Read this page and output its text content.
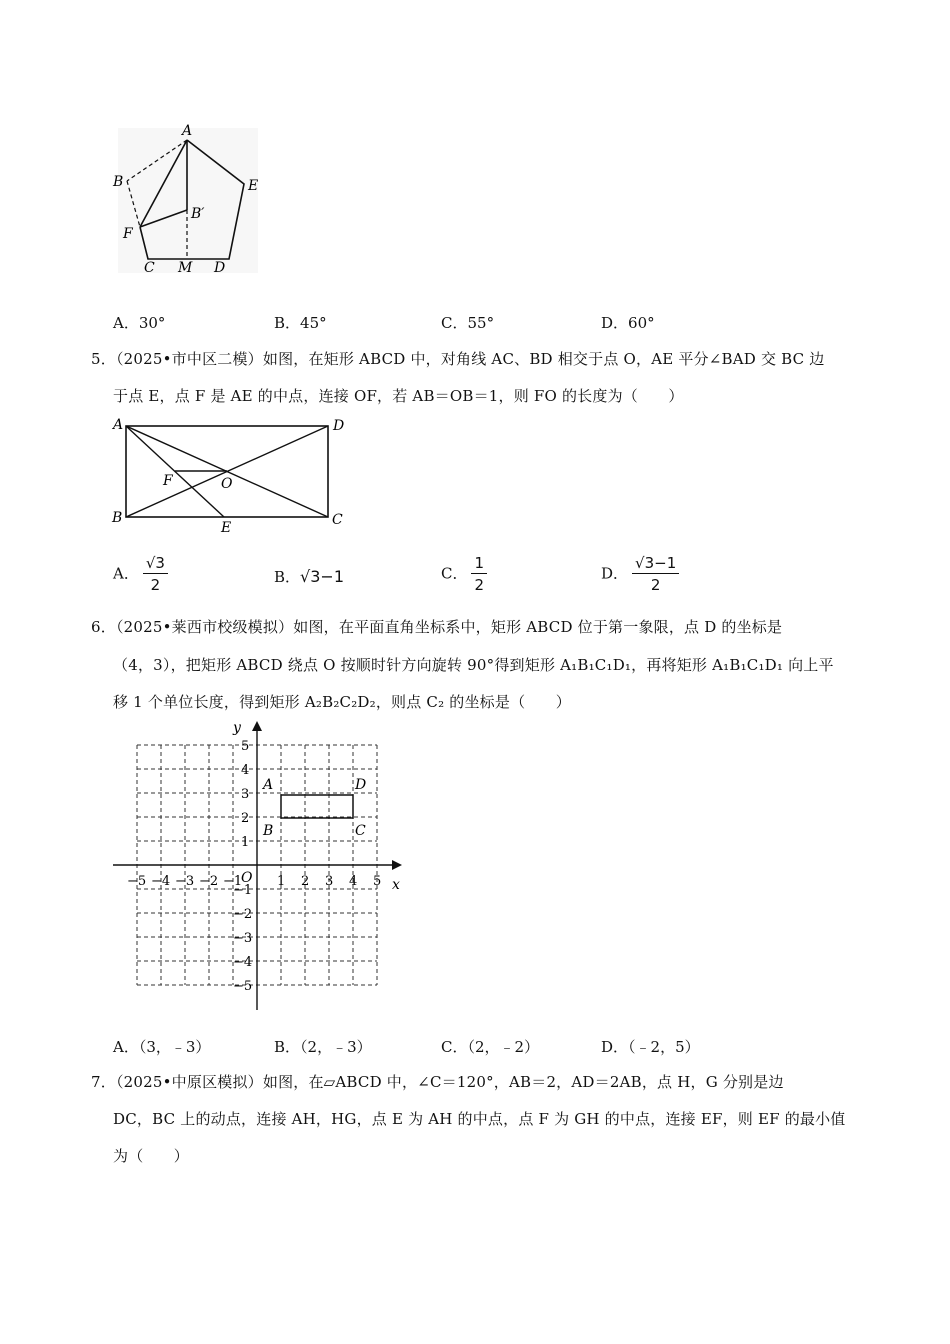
A
B
B′
E
F
C M D
A．30°	B．45°	C．55°	D．60°
5．（2025•市中区二模）如图，在矩形 ABCD 中，对角线 AC、BD 相交于点 O，AE 平分∠BAD 交 BC 边
于点 E，点 F 是 AE 的中点，连接 OF，若 AB＝OB＝1，则 FO 的长度为（　　）
A	D
F	O
B
E	C
A． $\frac{√3}{2}$	B．√3−1	C． $\frac{1}{2}$	D． $\frac{√3-1}{2}$
6．（2025•莱西市校级模拟）如图，在平面直角坐标系中，矩形 ABCD 位于第一象限，点 D 的坐标是
（4，3），把矩形 ABCD 绕点 O 按顺时针方向旋转 90°得到矩形 A₁B₁C₁D₁，再将矩形 A₁B₁C₁D₁ 向上平
移 1 个单位长度，得到矩形 A₂B₂C₂D₂，则点 C₂ 的坐标是（　　）
x
y
O
A	D
B	C
−5 −4 −3 −2 −1	1 2 3 4 5
5
4
3
2
1
−1
−2
−3
−4
−5
A．（3，﹣3）	B．（2，﹣3）	C．（2，﹣2）	D．（﹣2，5）
7．（2025•中原区模拟）如图，在▱ABCD 中，∠C＝120°，AB＝2，AD＝2AB，点 H，G 分别是边
DC，BC 上的动点，连接 AH，HG，点 E 为 AH 的中点，点 F 为 GH 的中点，连接 EF，则 EF 的最小值
为（　　）
